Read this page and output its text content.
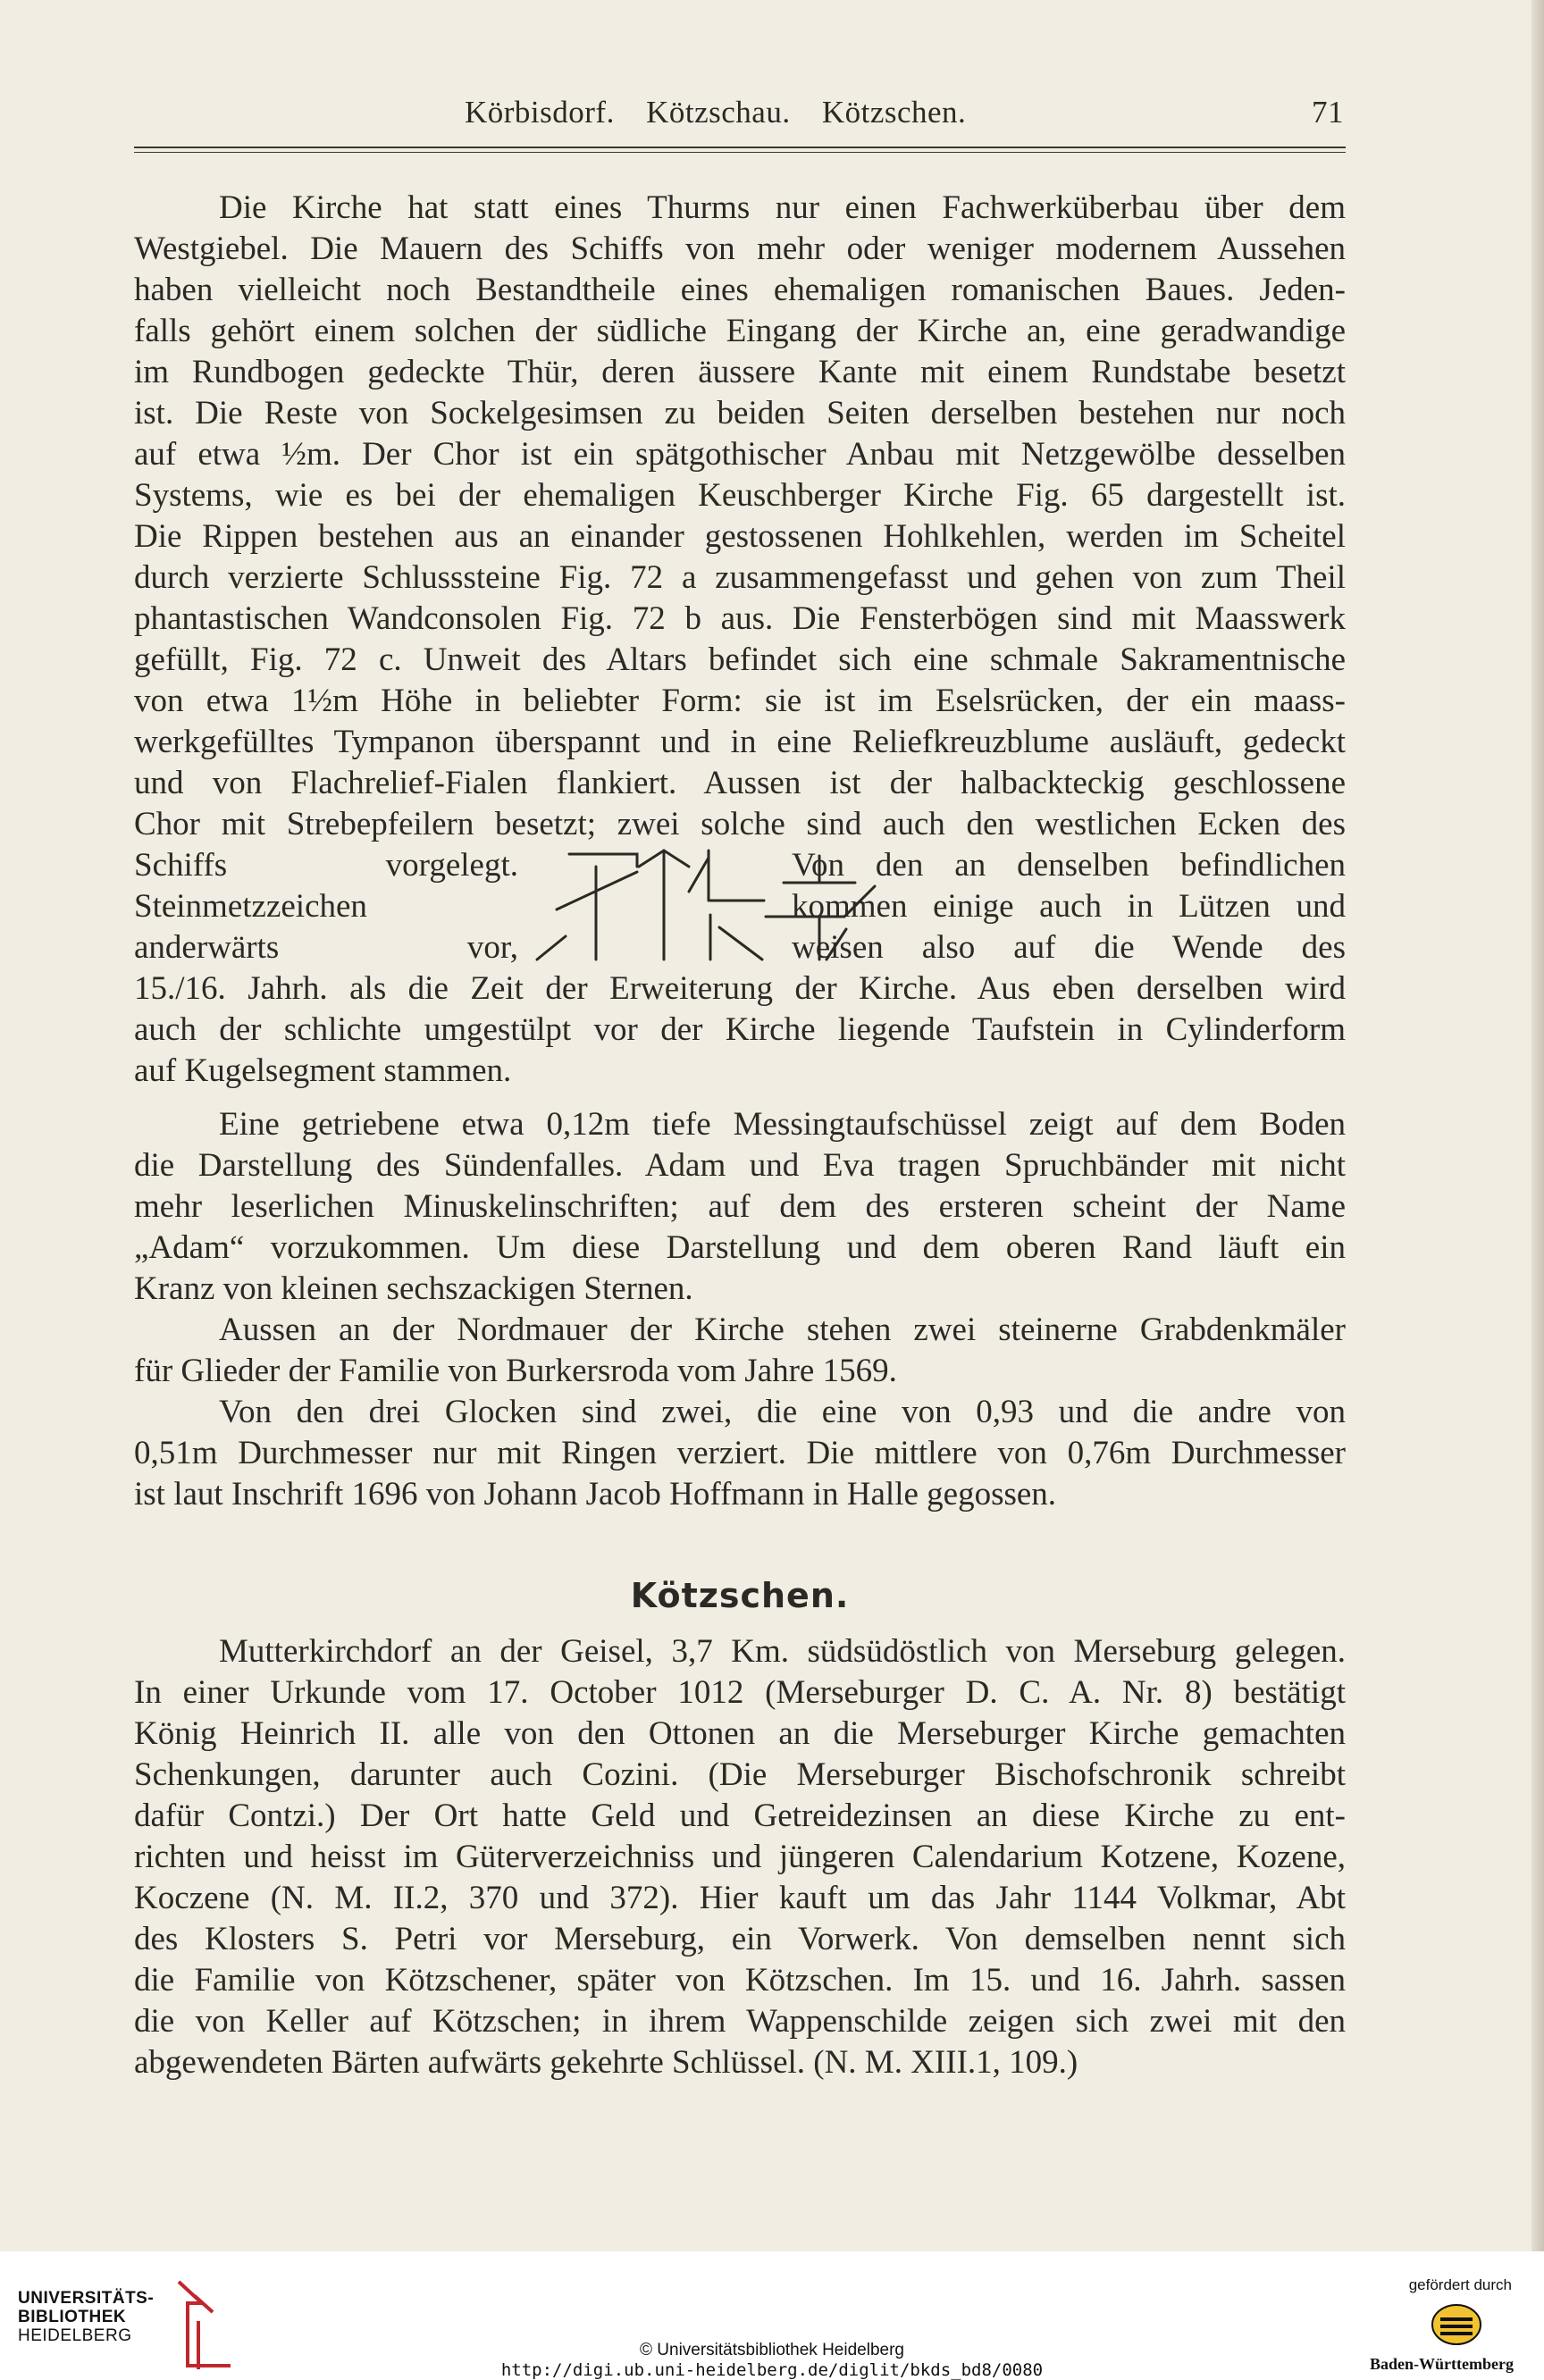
Körbisdorf. Kötzschau. Kötzschen.	71
Die Kirche hat statt eines Thurms nur einen Fachwerküberbau über dem
Westgiebel. Die Mauern des Schiffs von mehr oder weniger modernem Aussehen
haben vielleicht noch Bestandtheile eines ehemaligen romanischen Baues. Jeden-
falls gehört einem solchen der südliche Eingang der Kirche an, eine geradwandige
im Rundbogen gedeckte Thür, deren äussere Kante mit einem Rundstabe besetzt
ist. Die Reste von Sockelgesimsen zu beiden Seiten derselben bestehen nur noch
auf etwa ½m. Der Chor ist ein spätgothischer Anbau mit Netzgewölbe desselben
Systems, wie es bei der ehemaligen Keuschberger Kirche Fig. 65 dargestellt ist.
Die Rippen bestehen aus an einander gestossenen Hohlkehlen, werden im Scheitel
durch verzierte Schlusssteine Fig. 72 a zusammengefasst und gehen von zum Theil
phantastischen Wandconsolen Fig. 72 b aus. Die Fensterbögen sind mit Maasswerk
gefüllt, Fig. 72 c. Unweit des Altars befindet sich eine schmale Sakramentnische
von etwa 1½m Höhe in beliebter Form: sie ist im Eselsrücken, der ein maass-
werkgefülltes Tympanon überspannt und in eine Reliefkreuzblume ausläuft, gedeckt
und von Flachrelief-Fialen flankiert. Aussen ist der halbackteckig geschlossene
Chor mit Strebepfeilern besetzt; zwei solche sind auch den westlichen Ecken des
Schiffs vorgelegt.
Steinmetzzeichen
anderwärts vor,
Von den an denselben befindlichen
kommen einige auch in Lützen und
weisen also auf die Wende des
15./16. Jahrh. als die Zeit der Erweiterung der Kirche. Aus eben derselben wird
auch der schlichte umgestülpt vor der Kirche liegende Taufstein in Cylinderform
auf Kugelsegment stammen.
Eine getriebene etwa 0,12m tiefe Messingtaufschüssel zeigt auf dem Boden
die Darstellung des Sündenfalles. Adam und Eva tragen Spruchbänder mit nicht
mehr leserlichen Minuskelinschriften; auf dem des ersteren scheint der Name
„Adam“ vorzukommen. Um diese Darstellung und dem oberen Rand läuft ein
Kranz von kleinen sechszackigen Sternen.
Aussen an der Nordmauer der Kirche stehen zwei steinerne Grabdenkmäler
für Glieder der Familie von Burkersroda vom Jahre 1569.
Von den drei Glocken sind zwei, die eine von 0,93 und die andre von
0,51m Durchmesser nur mit Ringen verziert. Die mittlere von 0,76m Durchmesser
ist laut Inschrift 1696 von Johann Jacob Hoffmann in Halle gegossen.
Kötzschen.
Mutterkirchdorf an der Geisel, 3,7 Km. südsüdöstlich von Merseburg gelegen.
In einer Urkunde vom 17. October 1012 (Merseburger D. C. A. Nr. 8) bestätigt
König Heinrich II. alle von den Ottonen an die Merseburger Kirche gemachten
Schenkungen, darunter auch Cozini. (Die Merseburger Bischofschronik schreibt
dafür Contzi.) Der Ort hatte Geld und Getreidezinsen an diese Kirche zu ent-
richten und heisst im Güterverzeichniss und jüngeren Calendarium Kotzene, Kozene,
Koczene (N. M. II.2, 370 und 372). Hier kauft um das Jahr 1144 Volkmar, Abt
des Klosters S. Petri vor Merseburg, ein Vorwerk. Von demselben nennt sich
die Familie von Kötzschener, später von Kötzschen. Im 15. und 16. Jahrh. sassen
die von Keller auf Kötzschen; in ihrem Wappenschilde zeigen sich zwei mit den
abgewendeten Bärten aufwärts gekehrte Schlüssel. (N. M. XIII.1, 109.)
UNIVERSITÄTS-
BIBLIOTHEK
HEIDELBERG
© Universitätsbibliothek Heidelberg
http://digi.ub.uni-heidelberg.de/diglit/bkds_bd8/0080
gefördert durch
Baden-Württemberg
